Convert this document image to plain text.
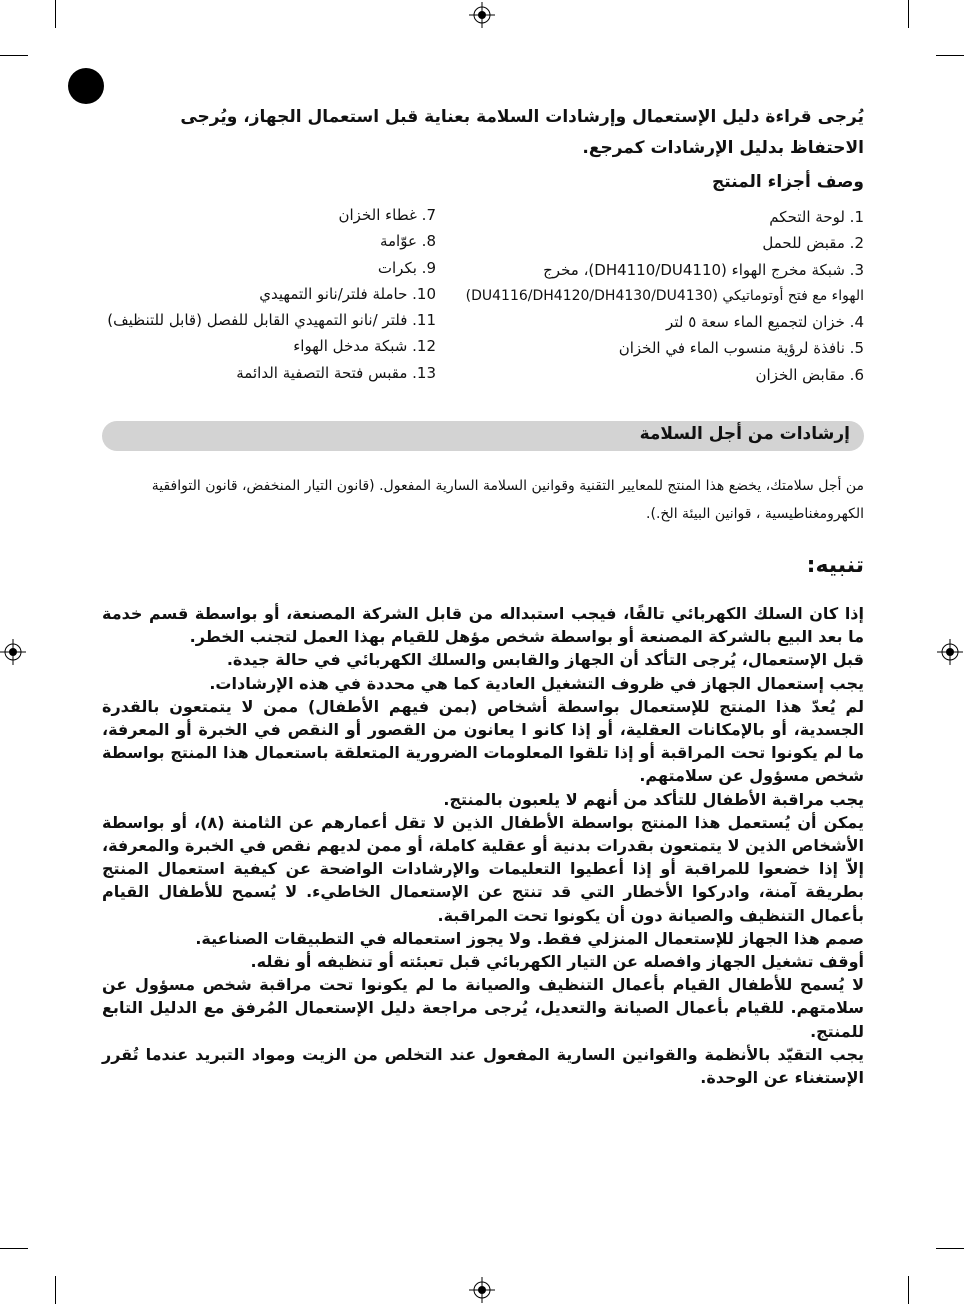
يُرجى قراءة دليل الإستعمال وإرشادات السلامة بعناية قبل استعمال الجهاز، ويُرجى الاحتفاظ بدليل الإرشادات كمرجع.
وصف أجزاء المنتج
1. لوحة التحكم
2. مقبض للحمل
3. شبكة مخرج الهواء (DH4110/DU4110)، مخرج
الهواء مع فتح أوتوماتيكي (DU4116/DH4120/DH4130/DU4130)
4. خزان لتجميع الماء سعة ٥ لتر
5. نافذة لرؤية منسوب الماء في الخزان
6. مقابض الخزان
7. غطاء الخزان
8. عوّامة
9. بكرات
10. حاملة فلتر/نانو التمهيدي
11. فلتر /نانو التمهيدي القابل للفصل (قابل للتنظيف)
12. شبكة مدخل الهواء
13. مقبس فتحة التصفية الدائمة
إرشادات من أجل السلامة
من أجل سلامتك، يخضع هذا المنتج للمعايير التقنية وقوانين السلامة السارية المفعول. (قانون التيار المنخفض، قانون التوافقية الكهرومغناطيسية ، قوانين البيئة الخ.).
تنبيه:

إذا كان السلك الكهربائي تالفًا، فيجب استبداله من قابل الشركة المصنعة، أو بواسطة قسم خدمة ما بعد البيع بالشركة المصنعة أو بواسطة شخص مؤهل للقيام بهذا العمل لتجنب الخطر.

قبل الإستعمال، يُرجى التأكد أن الجهاز والقابس والسلك الكهربائي في حالة جيدة.

يجب إستعمال الجهاز في ظروف التشغيل العادية كما هي محددة في هذه الإرشادات.

لم يُعدّ هذا المنتج للإستعمال بواسطة أشخاص (بمن فيهم الأطفال) ممن لا يتمتعون بالقدرة الجسدية، أو بالإمكانات العقلية، أو إذا كانو ا يعانون من القصور أو النقص في الخبرة أو المعرفة، ما لم يكونوا تحت المراقبة أو إذا تلقوا المعلومات الضرورية المتعلقة باستعمال هذا المنتج بواسطة شخص مسؤول عن سلامتهم.

يجب مراقبة الأطفال للتأكد من أنهم لا يلعبون بالمنتج.

يمكن أن يُستعمل هذا المنتج بواسطة الأطفال الذين لا تقل أعمارهم عن الثامنة (٨)، أو بواسطة الأشخاص الذين لا يتمتعون بقدرات بدنية أو عقلية كاملة، أو ممن لديهم نقص في الخبرة والمعرفة، إلاّ إذا خضعوا للمراقبة أو إذا أعطيوا التعليمات والإرشادات الواضحة عن كيفية استعمال المنتج بطريقة آمنة، وادركوا الأخطار التي قد تنتج عن الإستعمال الخاطيء. لا يُسمح للأطفال القيام بأعمال التنظيف والصيانة دون أن يكونوا تحت المراقبة.

صمم هذا الجهاز للإستعمال المنزلي فقط. ولا يجوز استعماله في التطبيقات الصناعية.

أوقف تشغيل الجهاز وافصله عن التيار الكهربائي قبل تعبئته أو تنظيفه أو نقله.

لا يُسمح للأطفال القيام بأعمال التنظيف والصيانة ما لم يكونوا تحت مراقبة شخص مسؤول عن سلامتهم. للقيام بأعمال الصيانة والتعديل، يُرجى مراجعة دليل الإستعمال المُرفق مع الدليل التابع للمنتج.

يجب التقيّد بالأنظمة والقوانين السارية المفعول عند التخلص من الزيت ومواد التبريد عندما تُقرر الإستغناء عن الوحدة.
